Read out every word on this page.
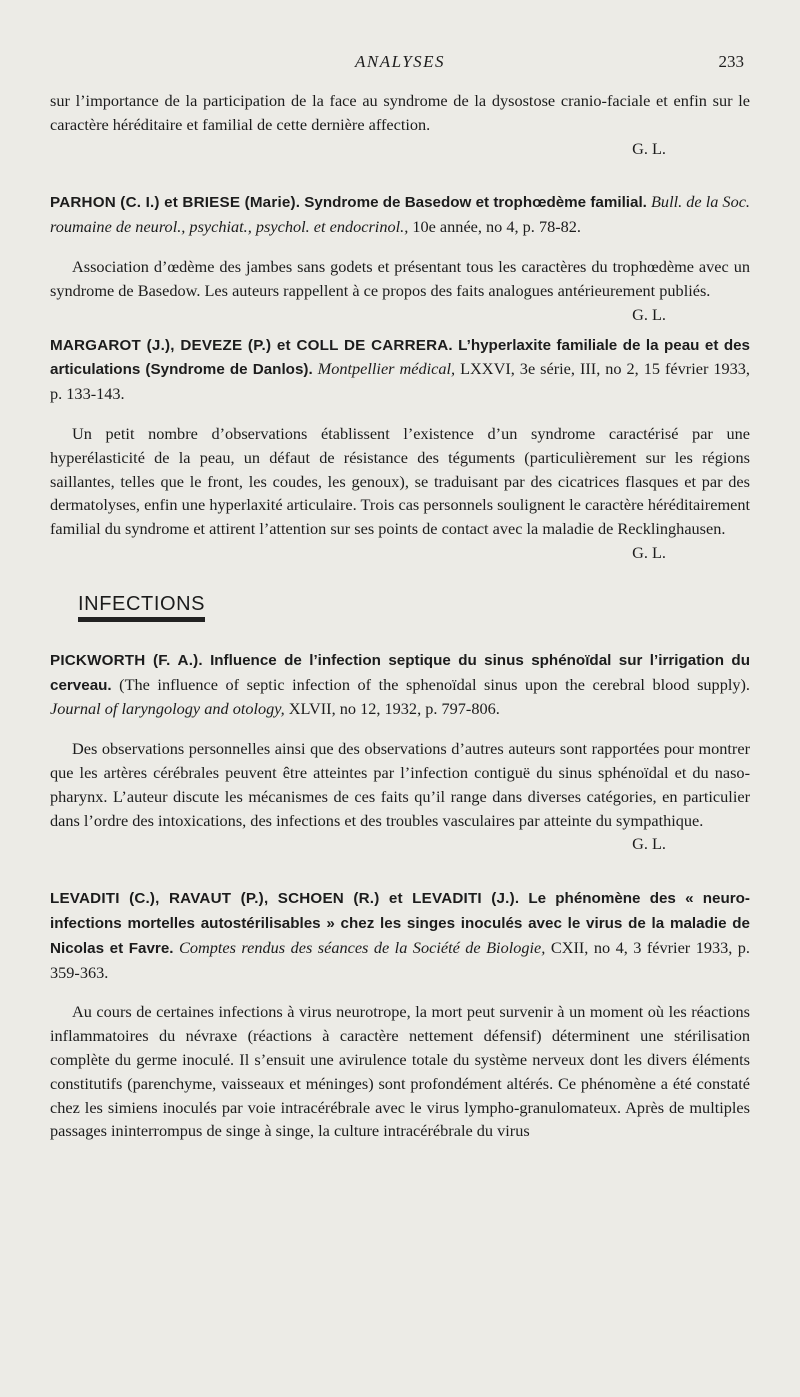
ANALYSES	233

sur l’importance de la participation de la face au syndrome de la dysostose cranio-faciale et enfin sur le caractère héréditaire et familial de cette dernière affection.

G. L.

PARHON (C. I.) et BRIESE (Marie). Syndrome de Basedow et trophœdème familial. Bull. de la Soc. roumaine de neurol., psychiat., psychol. et endocrinol., 10e année, no 4, p. 78-82.

Association d’œdème des jambes sans godets et présentant tous les caractères du trophœdème avec un syndrome de Basedow. Les auteurs rappellent à ce propos des faits analogues antérieurement publiés.
G. L.

MARGAROT (J.), DEVEZE (P.) et COLL DE CARRERA. L’hyperlaxite familiale de la peau et des articulations (Syndrome de Danlos). Montpellier médical, LXXVI, 3e série, III, no 2, 15 février 1933, p. 133-143.

Un petit nombre d’observations établissent l’existence d’un syndrome caractérisé par une hyperélasticité de la peau, un défaut de résistance des téguments (particulièrement sur les régions saillantes, telles que le front, les coudes, les genoux), se traduisant par des cicatrices flasques et par des dermatolyses, enfin une hyperlaxité articulaire. Trois cas personnels soulignent le caractère héréditairement familial du syndrome et attirent l’attention sur ses points de contact avec la maladie de Recklinghausen.

G. L.

INFECTIONS

PICKWORTH (F. A.). Influence de l’infection septique du sinus sphénoïdal sur l’irrigation du cerveau. (The influence of septic infection of the sphenoïdal sinus upon the cerebral blood supply). Journal of laryngology and otology, XLVII, no 12, 1932, p. 797-806.

Des observations personnelles ainsi que des observations d’autres auteurs sont rapportées pour montrer que les artères cérébrales peuvent être atteintes par l’infection contiguë du sinus sphénoïdal et du naso-pharynx. L’auteur discute les mécanismes de ces faits qu’il range dans diverses catégories, en particulier dans l’ordre des intoxications, des infections et des troubles vasculaires par atteinte du sympathique.

G. L.

LEVADITI (C.), RAVAUT (P.), SCHOEN (R.) et LEVADITI (J.). Le phénomène des « neuro-infections mortelles autostérilisables » chez les singes inoculés avec le virus de la maladie de Nicolas et Favre. Comptes rendus des séances de la Société de Biologie, CXII, no 4, 3 février 1933, p. 359-363.

Au cours de certaines infections à virus neurotrope, la mort peut survenir à un moment où les réactions inflammatoires du névraxe (réactions à caractère nettement défensif) déterminent une stérilisation complète du germe inoculé. Il s’ensuit une avirulence totale du système nerveux dont les divers éléments constitutifs (parenchyme, vaisseaux et méninges) sont profondément altérés. Ce phénomène a été constaté chez les simiens inoculés par voie intracérébrale avec le virus lympho-granulomateux. Après de multiples passages ininterrompus de singe à singe, la culture intracérébrale du virus
